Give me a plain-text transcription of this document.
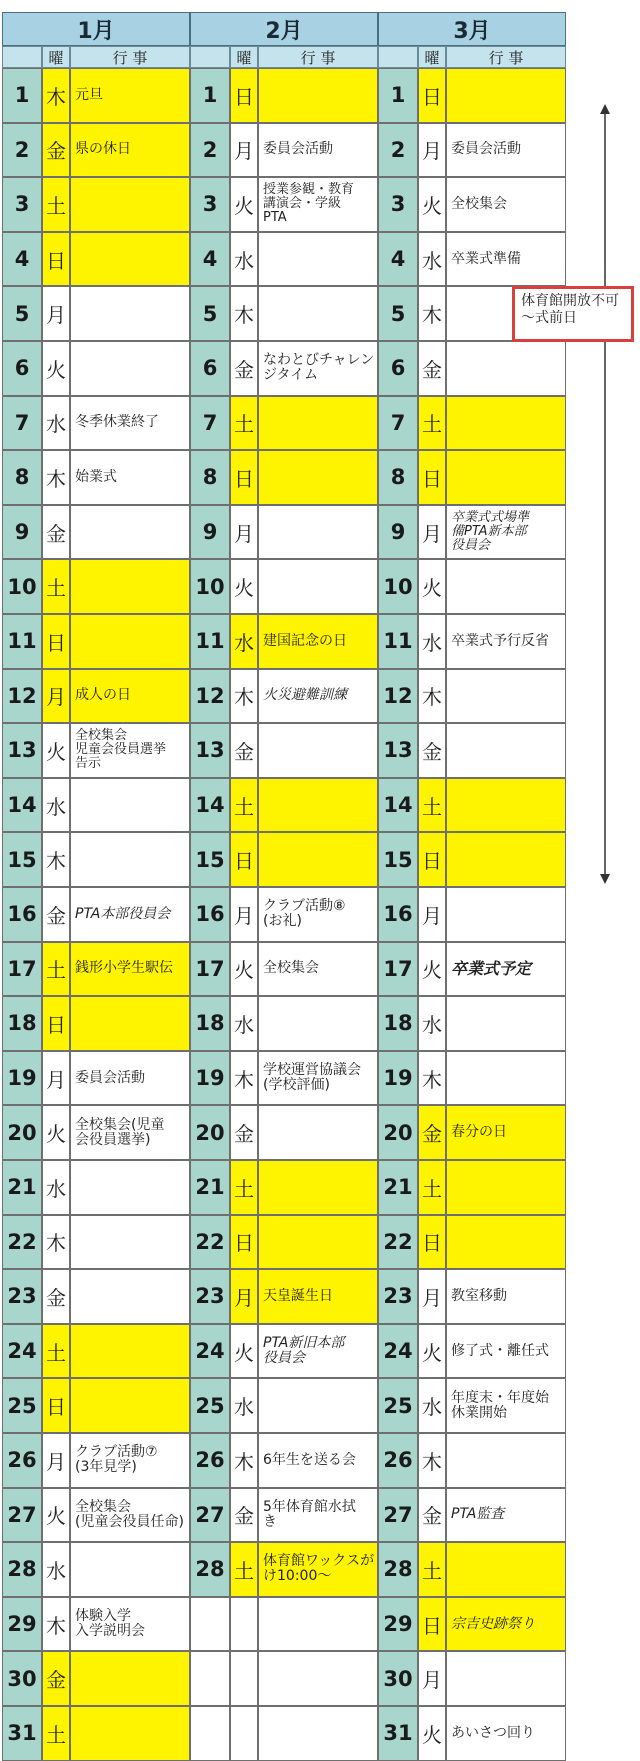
1月
曜	行 事
1 木 元旦
2 金 県の休日
3 土
4 日
5 月
6 火
7 水 冬季休業終了
8 木 始業式
9 金
10 土
11 日
12 月 成人の日
13 火
全校集会
児童会役員選挙
告示
14 水
15 木
16 金 PTA本部役員会
17 土 銭形小学生駅伝
18 日
19 月 委員会活動
20 火 全校集会(児童
会役員選挙)
21 水
22 木
23 金
24 土
25 日
26 月 クラブ活動⑦
(3年見学)
27 火 全校集会
(児童会役員任命)
28 水
29 木 体験入学
入学説明会
30 金
31 土
2月
曜	行 事
1 日
2 月 委員会活動
3 火
授業参観・教育
講演会・学級
PTA
4 水
5 木
6 金 なわとびチャレン
ジタイム
7 土
8 日
9 月
10 火
11 水 建国記念の日
12 木 火災避難訓練
13 金
14 土
15 日
16 月 クラブ活動⑧
(お礼)
17 火 全校集会
18 水
19 木 学校運営協議会
(学校評価)
20 金
21 土
22 日
23 月 天皇誕生日
24 火 PTA新旧本部
役員会
25 水
26 木 6年生を送る会
27 金 5年体育館水拭
き
28 土 体育館ワックスが
け10:00～
3月
曜	行 事
1 日
2 月 委員会活動
3 火 全校集会
4 水 卒業式準備
5 木
6 金
7 土
8 日
9 月
卒業式式場準
備PTA新本部
役員会
10 火
11 水 卒業式予行反省
12 木
13 金
14 土
15 日
16 月
17 火 卒業式予定
18 水
19 木
20 金 春分の日
21 土
22 日
23 月 教室移動
24 火 修了式・離任式
25 水 年度末・年度始
休業開始
26 木
27 金 PTA監査
28 土
29 日 宗吉史跡祭り
30 月
31 火 あいさつ回り
体育館開放不可
～式前日
